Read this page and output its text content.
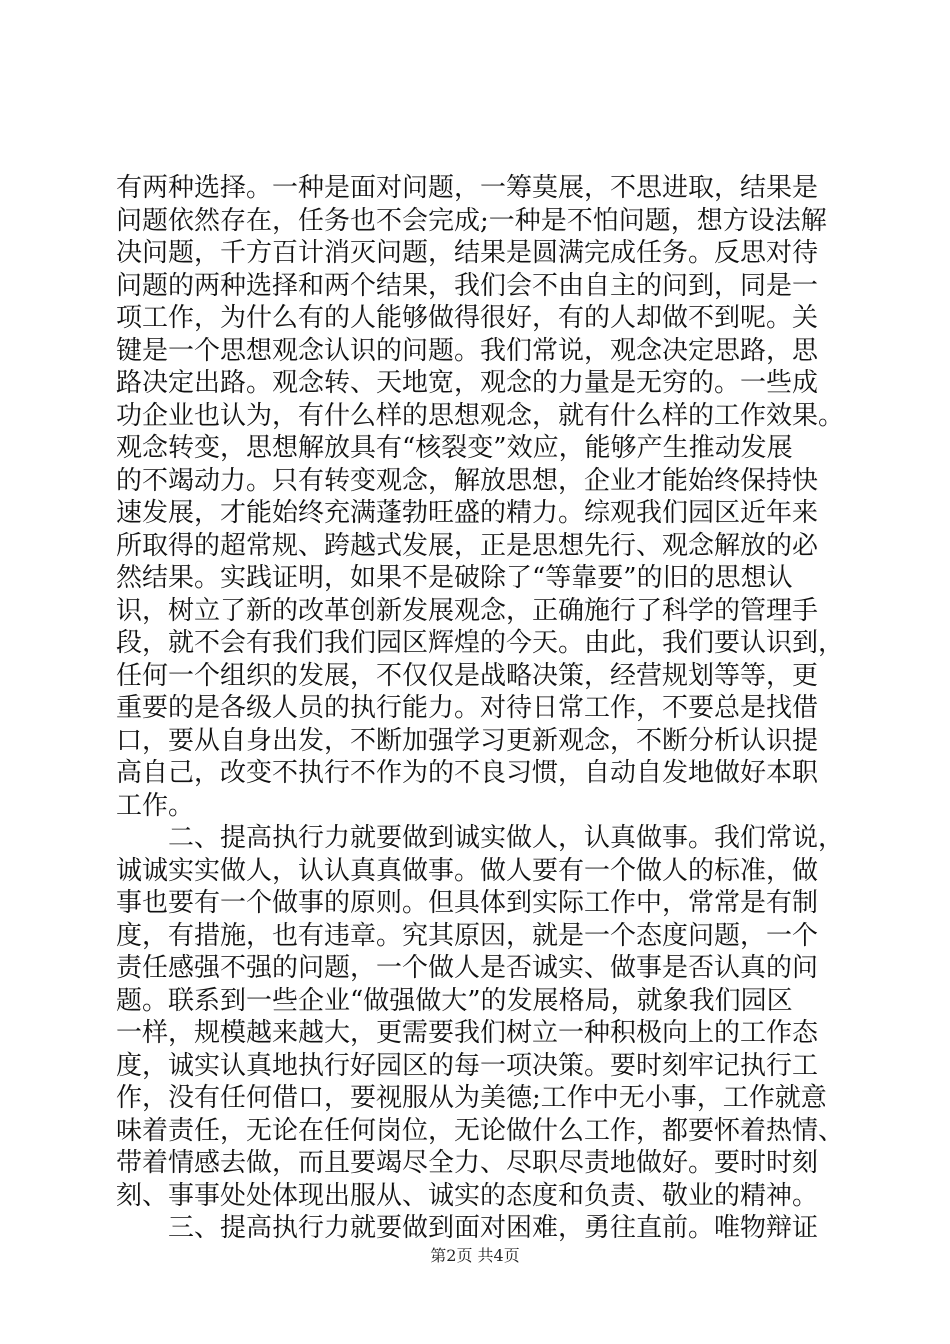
有两种选择。一种是面对问题，一筹莫展，不思进取，结果是
问题依然存在，任务也不会完成;一种是不怕问题，想方设法解
决问题，千方百计消灭问题，结果是圆满完成任务。反思对待
问题的两种选择和两个结果，我们会不由自主的问到，同是一
项工作，为什么有的人能够做得很好，有的人却做不到呢。关
键是一个思想观念认识的问题。我们常说，观念决定思路，思
路决定出路。观念转、天地宽，观念的力量是无穷的。一些成
功企业也认为，有什么样的思想观念，就有什么样的工作效果。
观念转变，思想解放具有“核裂变”效应，能够产生推动发展
的不竭动力。只有转变观念，解放思想，企业才能始终保持快
速发展，才能始终充满蓬勃旺盛的精力。综观我们园区近年来
所取得的超常规、跨越式发展，正是思想先行、观念解放的必
然结果。实践证明，如果不是破除了“等靠要”的旧的思想认
识，树立了新的改革创新发展观念，正确施行了科学的管理手
段，就不会有我们我们园区辉煌的今天。由此，我们要认识到，
任何一个组织的发展，不仅仅是战略决策，经营规划等等，更
重要的是各级人员的执行能力。对待日常工作，不要总是找借
口，要从自身出发，不断加强学习更新观念，不断分析认识提
高自己，改变不执行不作为的不良习惯，自动自发地做好本职
工作。
　　二、提高执行力就要做到诚实做人，认真做事。我们常说，
诚诚实实做人，认认真真做事。做人要有一个做人的标准，做
事也要有一个做事的原则。但具体到实际工作中，常常是有制
度，有措施，也有违章。究其原因，就是一个态度问题，一个
责任感强不强的问题，一个做人是否诚实、做事是否认真的问
题。联系到一些企业“做强做大”的发展格局，就象我们园区
一样，规模越来越大，更需要我们树立一种积极向上的工作态
度，诚实认真地执行好园区的每一项决策。要时刻牢记执行工
作，没有任何借口，要视服从为美德;工作中无小事，工作就意
味着责任，无论在任何岗位，无论做什么工作，都要怀着热情、
带着情感去做，而且要竭尽全力、尽职尽责地做好。要时时刻
刻、事事处处体现出服从、诚实的态度和负责、敬业的精神。
　　三、提高执行力就要做到面对困难，勇往直前。唯物辩证
第2页 共4页
